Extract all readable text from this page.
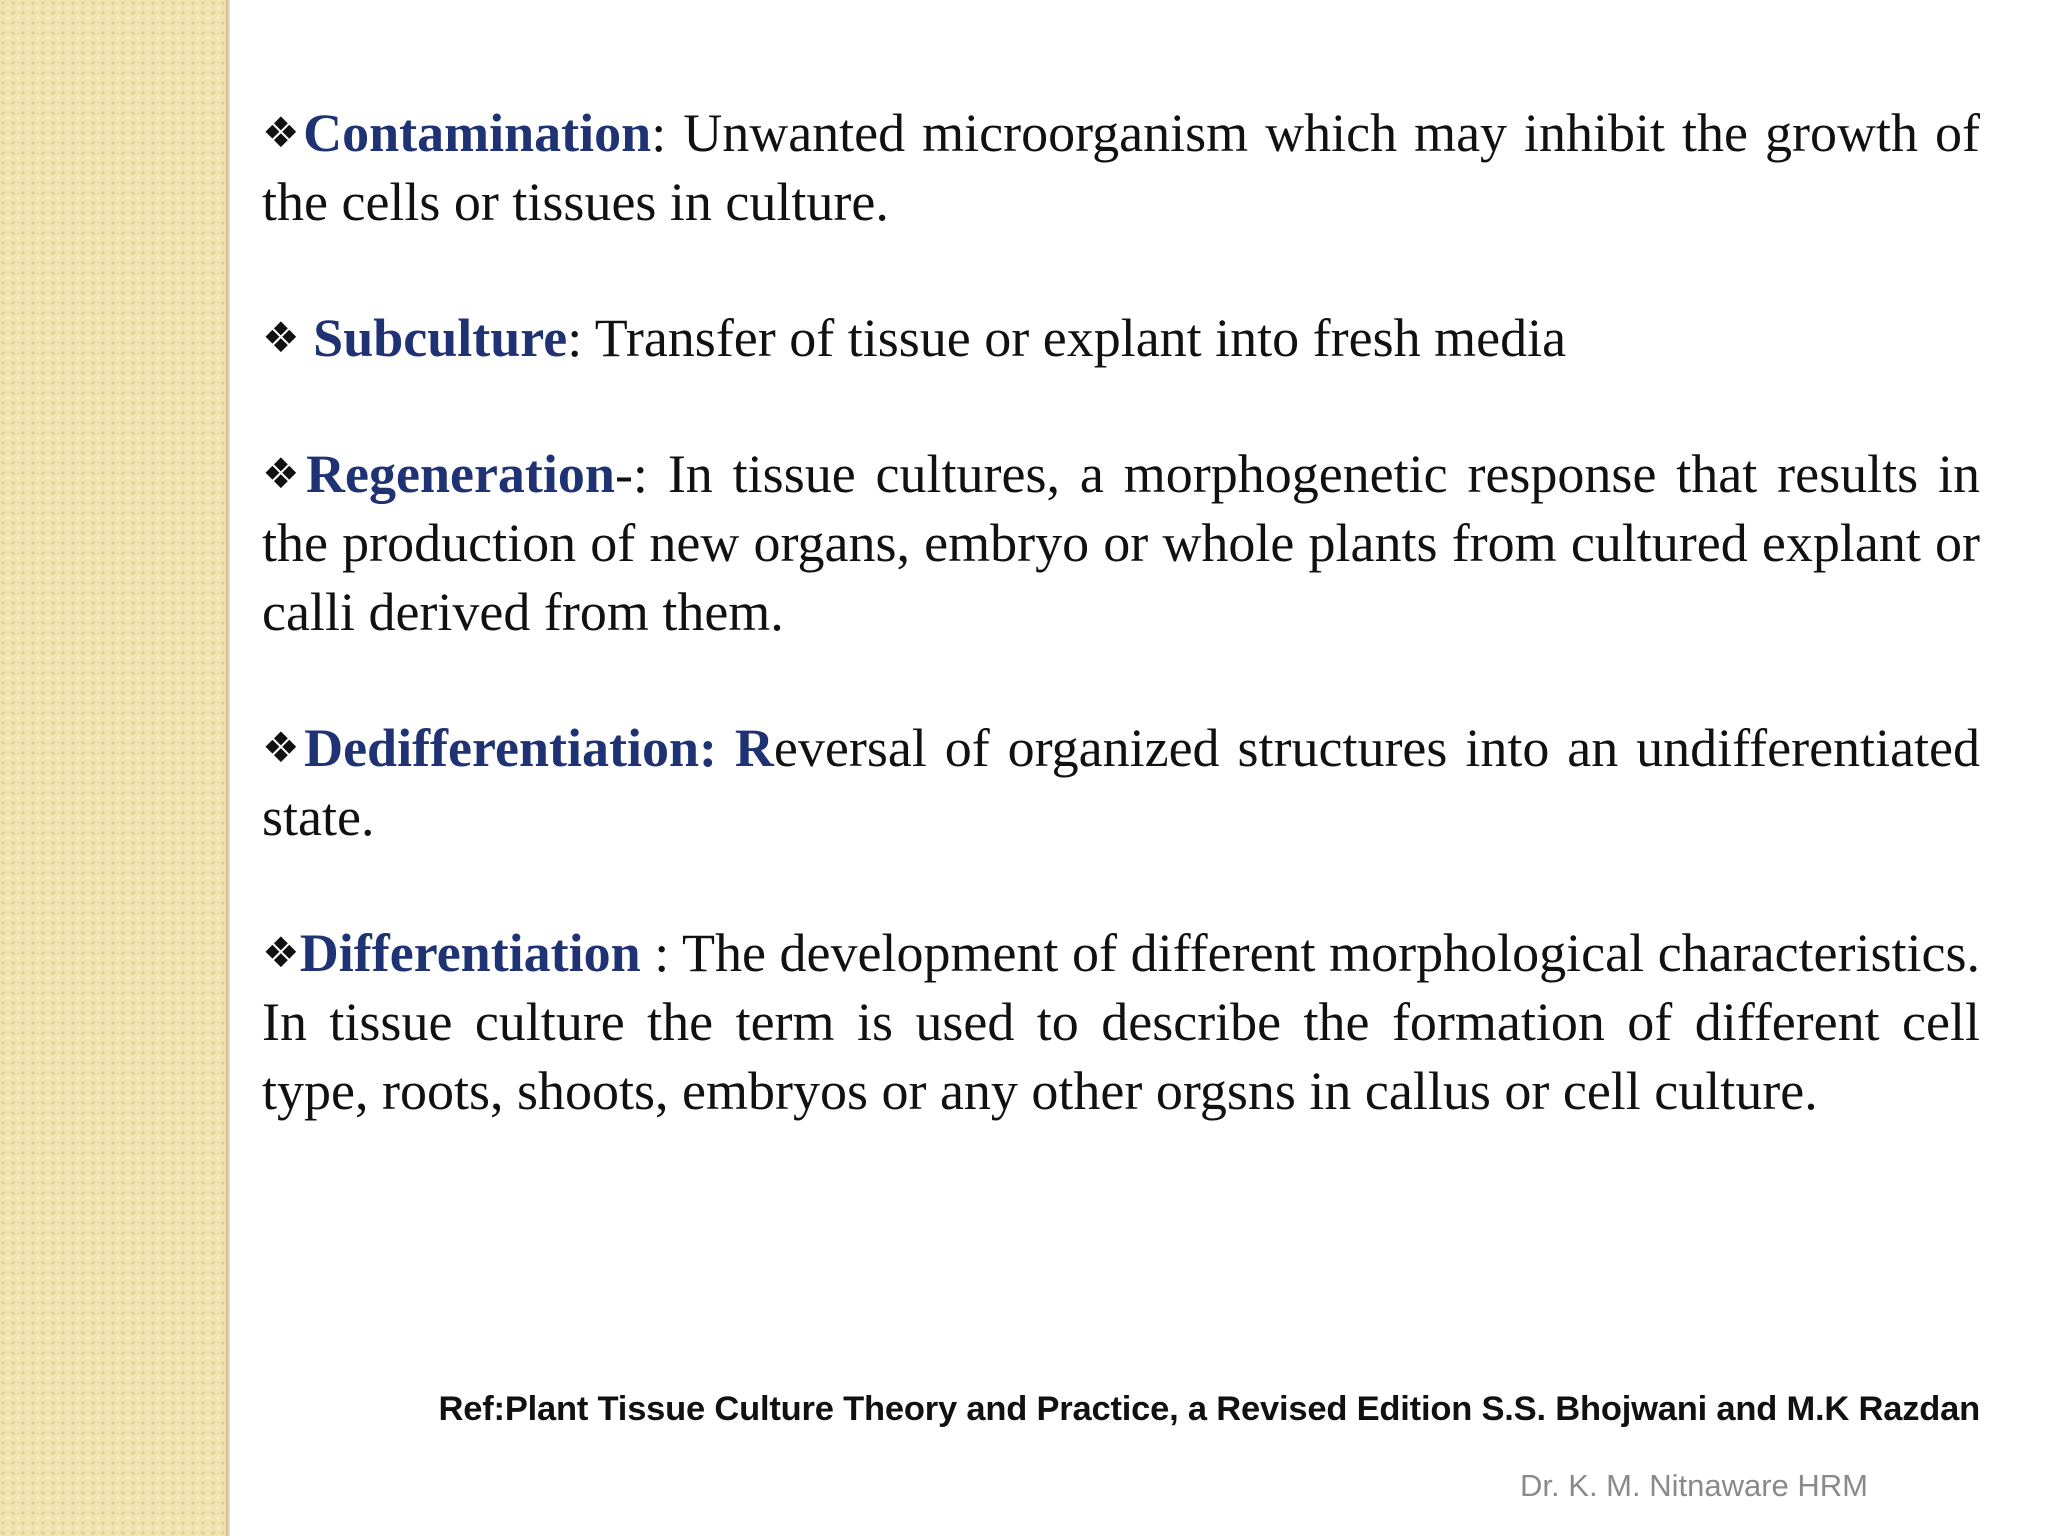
❖Contamination: Unwanted microorganism which may inhibit the growth of the cells or tissues in culture.

❖ Subculture: Transfer of tissue or explant into fresh media

❖Regeneration-: In tissue cultures, a morphogenetic response that results in the production of new organs, embryo or whole plants from cultured explant or calli derived from them.

❖Dedifferentiation: Reversal of organized structures into an undifferentiated state.

❖Differentiation : The development of different morphological characteristics. In tissue culture the term is used to describe the formation of different cell type, roots, shoots, embryos or any other orgsns in callus or cell culture.

Ref:Plant Tissue Culture Theory and Practice, a Revised Edition S.S. Bhojwani and M.K Razdan
Dr. K. M. Nitnaware HRM
